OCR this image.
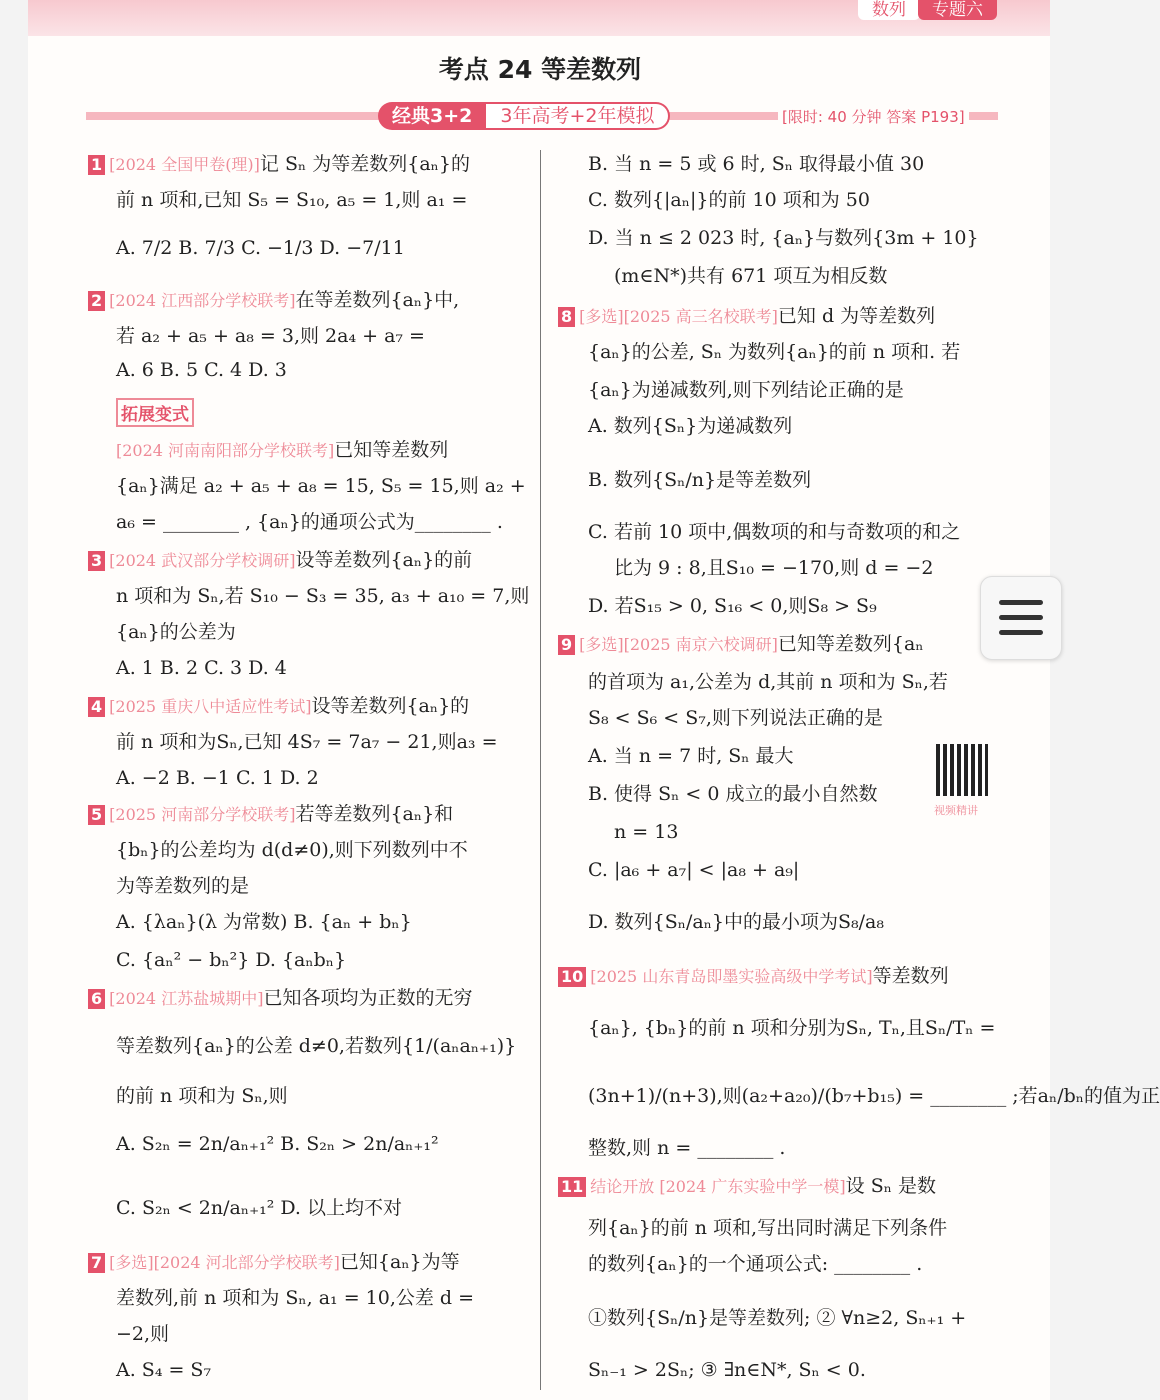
数列	专题六
考点 24 等差数列
经典3+2	3年高考+2年模拟	[限时: 40 分钟 答案 P193]
拓展变式
1 [2024 全国甲卷(理)]记 Sₙ 为等差数列{aₙ}的
前 n 项和,已知 S₅ = S₁₀, a₅ = 1,则 a₁ =
A. 7/2 B. 7/3 C. −1/3 D. −7/11
2 [2024 江西部分学校联考]在等差数列{aₙ}中,
若 a₂ + a₅ + a₈ = 3,则 2a₄ + a₇ =
A. 6 B. 5 C. 4 D. 3
[2024 河南南阳部分学校联考]已知等差数列
{aₙ}满足 a₂ + a₅ + a₈ = 15, S₅ = 15,则 a₂ +
a₆ = ________ , {aₙ}的通项公式为________ .
3 [2024 武汉部分学校调研]设等差数列{aₙ}的前
n 项和为 Sₙ,若 S₁₀ − S₃ = 35, a₃ + a₁₀ = 7,则
{aₙ}的公差为
A. 1 B. 2 C. 3 D. 4
4 [2025 重庆八中适应性考试]设等差数列{aₙ}的
前 n 项和为Sₙ,已知 4S₇ = 7a₇ − 21,则a₃ =
A. −2 B. −1 C. 1 D. 2
5 [2025 河南部分学校联考]若等差数列{aₙ}和
{bₙ}的公差均为 d(d≠0),则下列数列中不
为等差数列的是
A. {λaₙ}(λ 为常数) B. {aₙ + bₙ}
C. {aₙ² − bₙ²} D. {aₙbₙ}
6 [2024 江苏盐城期中]已知各项均为正数的无穷
等差数列{aₙ}的公差 d≠0,若数列{1/(aₙaₙ₊₁)}
的前 n 项和为 Sₙ,则
A. S₂ₙ = 2n/aₙ₊₁² B. S₂ₙ > 2n/aₙ₊₁²
C. S₂ₙ < 2n/aₙ₊₁² D. 以上均不对
7 [多选][2024 河北部分学校联考]已知{aₙ}为等
差数列,前 n 项和为 Sₙ, a₁ = 10,公差 d =
−2,则
A. S₄ = S₇
B. 当 n = 5 或 6 时, Sₙ 取得最小值 30
C. 数列{|aₙ|}的前 10 项和为 50
D. 当 n ≤ 2 023 时, {aₙ}与数列{3m + 10}
(m∈N*)共有 671 项互为相反数
8 [多选][2025 高三名校联考]已知 d 为等差数列
{aₙ}的公差, Sₙ 为数列{aₙ}的前 n 项和. 若
{aₙ}为递减数列,则下列结论正确的是
A. 数列{Sₙ}为递减数列
B. 数列{Sₙ/n}是等差数列
C. 若前 10 项中,偶数项的和与奇数项的和之
比为 9 : 8,且S₁₀ = −170,则 d = −2
D. 若S₁₅ > 0, S₁₆ < 0,则S₈ > S₉
9 [多选][2025 南京六校调研]已知等差数列{aₙ
的首项为 a₁,公差为 d,其前 n 项和为 Sₙ,若
S₈ < S₆ < S₇,则下列说法正确的是
A. 当 n = 7 时, Sₙ 最大
B. 使得 Sₙ < 0 成立的最小自然数
n = 13
C. |a₆ + a₇| < |a₈ + a₉|
D. 数列{Sₙ/aₙ}中的最小项为S₈/a₈
10 [2025 山东青岛即墨实验高级中学考试]等差数列
{aₙ}, {bₙ}的前 n 项和分别为Sₙ, Tₙ,且Sₙ/Tₙ =
(3n+1)/(n+3),则(a₂+a₂₀)/(b₇+b₁₅) = ________ ;若aₙ/bₙ的值为正
整数,则 n = ________ .
11 结论开放 [2024 广东实验中学一模]设 Sₙ 是数
列{aₙ}的前 n 项和,写出同时满足下列条件
的数列{aₙ}的一个通项公式: ________ .
①数列{Sₙ/n}是等差数列; ② ∀n≥2, Sₙ₊₁ +
Sₙ₋₁ > 2Sₙ; ③ ∃n∈N*, Sₙ < 0.
视频精讲
